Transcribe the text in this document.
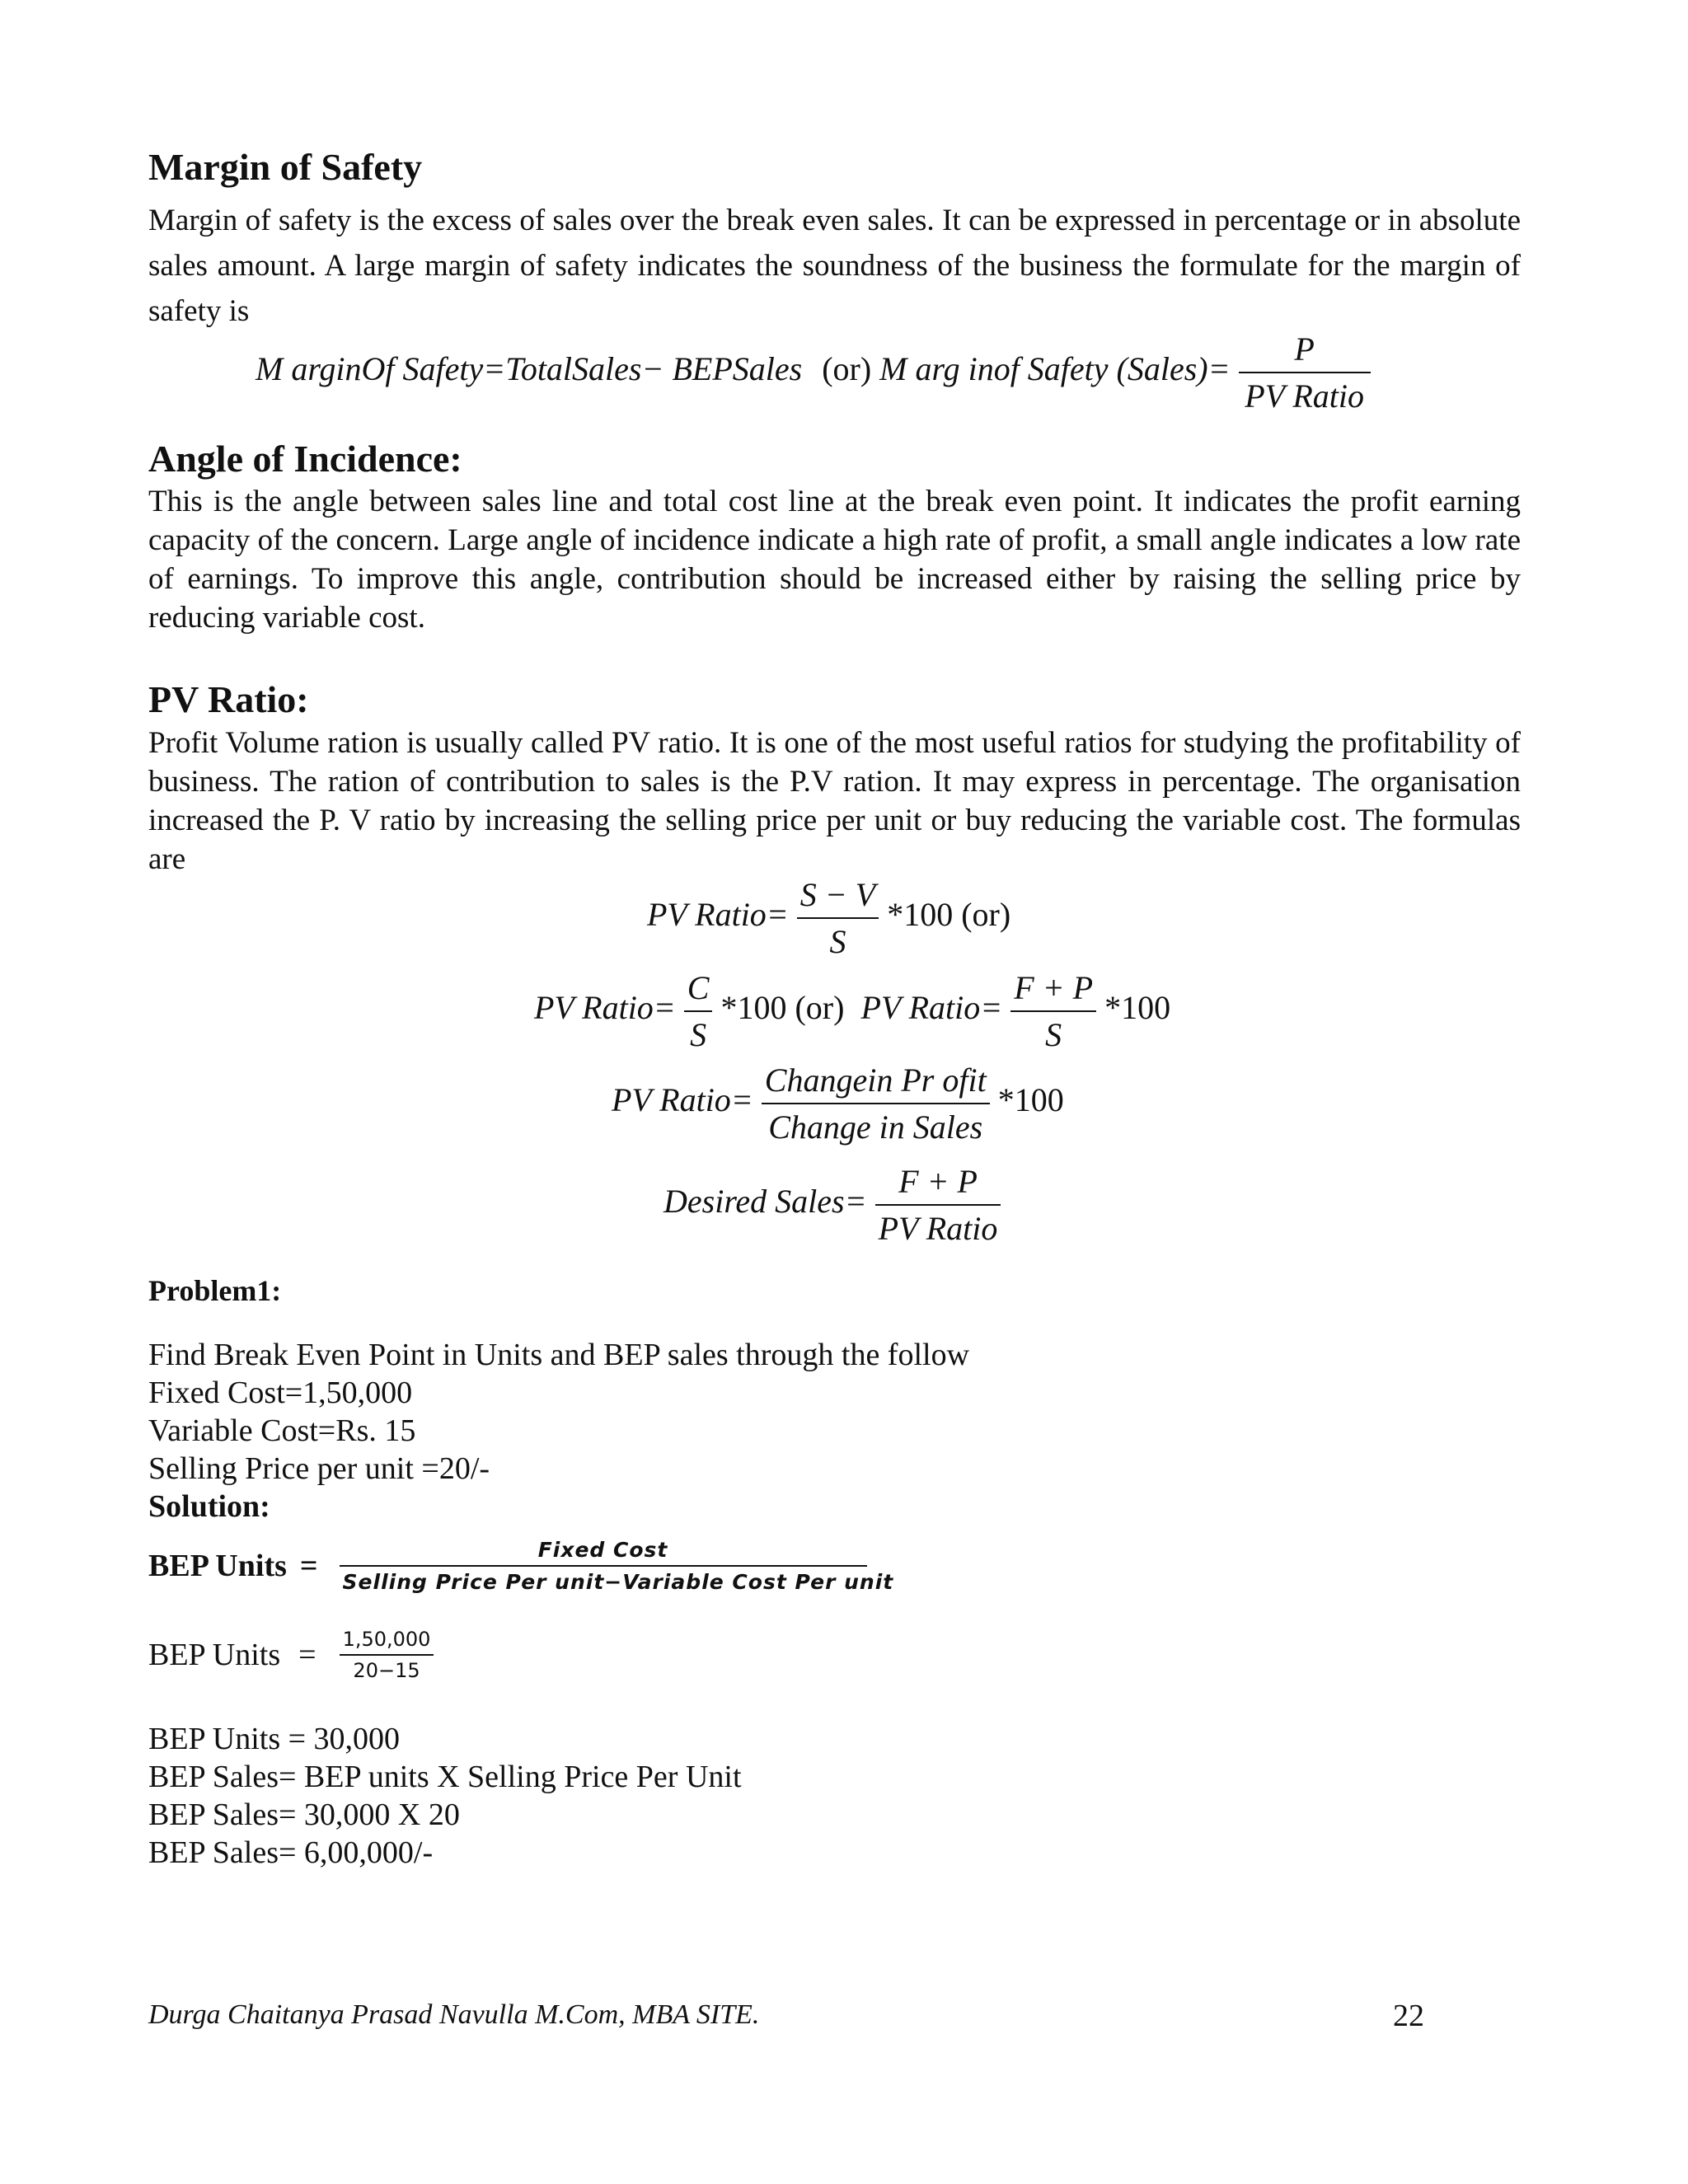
Margin of Safety
Margin of safety is the excess of sales over the break even sales. It can be expressed in percentage or in absolute sales amount. A large margin of safety indicates the soundness of the business the formulate for the margin of safety is
M arginOf Safety=TotalSales− BEPSales (or) M arg inof Safety (Sales)= $\frac{P}{\text{PV Ratio}}$
Angle of Incidence:
This is the angle between sales line and total cost line at the break even point. It indicates the profit earning capacity of the concern. Large angle of incidence indicate a high rate of profit, a small angle indicates a low rate of earnings. To improve this angle, contribution should be increased either by raising the selling price by reducing variable cost.
PV Ratio:
Profit Volume ration is usually called PV ratio. It is one of the most useful ratios for studying the profitability of business. The ration of contribution to sales is the P.V ration. It may express in percentage. The organisation increased the P. V ratio by increasing the selling price per unit or buy reducing the variable cost. The formulas are
PV Ratio= $\frac{S - V}{S} *100$ (or)
PV Ratio= $\frac{C}{S} *100$ (or) PV Ratio= $\frac{F + P}{S} *100$
PV Ratio= $\frac{\text{Changein Pr ofit}}{\text{Change in Sales}} *100$
Desired Sales= $\frac{F + P}{\text{PV Ratio}}$
Problem1:
Find Break Even Point in Units and BEP sales through the follow
Fixed Cost=1,50,000
Variable Cost=Rs. 15
Selling Price per unit =20/-
Solution:
BEP Units = $\frac{\text{Fixed Cost}}{\text{Selling Price Per unit−Variable Cost Per unit}}$
BEP Units = $\frac{1,50,000}{20-15}$
BEP Units = 30,000
BEP Sales= BEP units X Selling Price Per Unit
BEP Sales= 30,000 X 20
BEP Sales= 6,00,000/-
Durga Chaitanya Prasad Navulla M.Com, MBA SITE.	22
